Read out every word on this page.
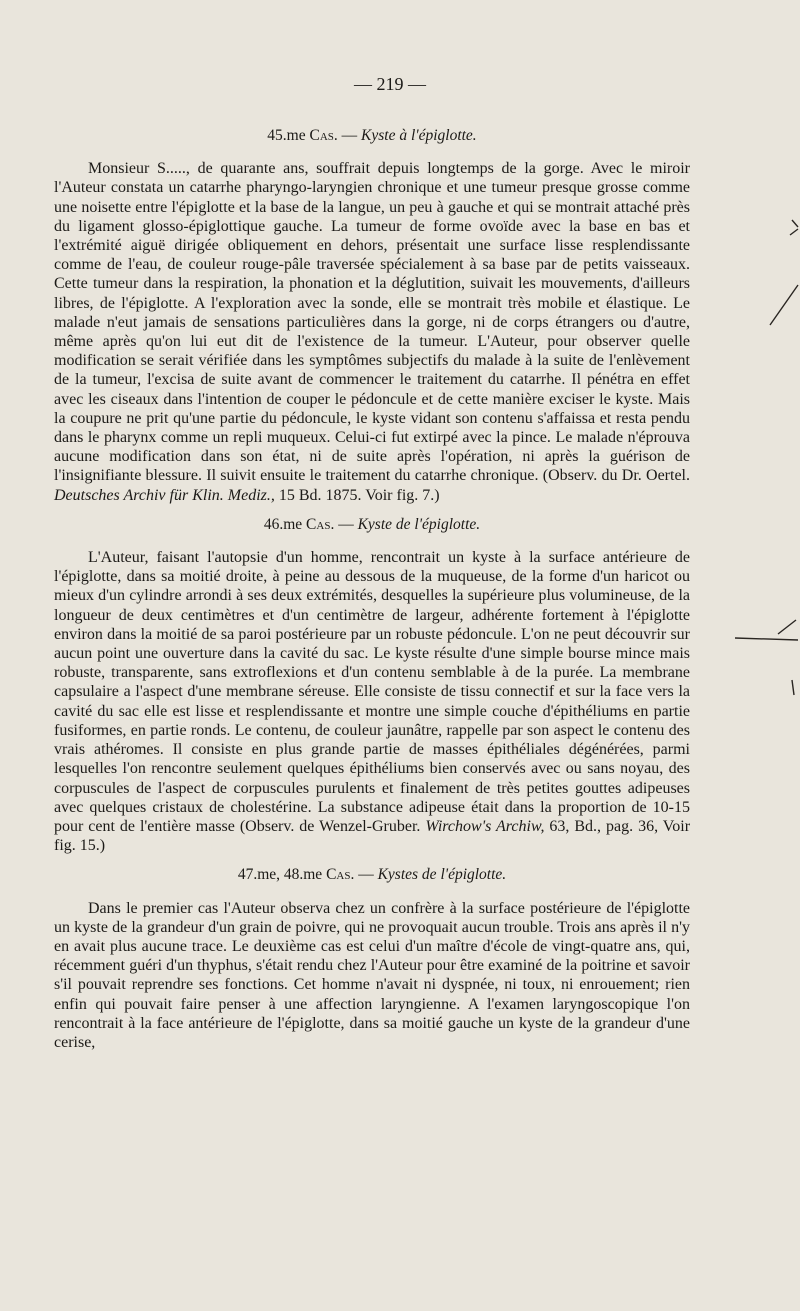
— 219 —
45.me Cas. — Kyste à l'épiglotte.

Monsieur S....., de quarante ans, souffrait depuis longtemps de la gorge. Avec le miroir l'Auteur constata un catarrhe pharyngo-laryngien chronique et une tumeur presque grosse comme une noisette entre l'épiglotte et la base de la langue, un peu à gauche et qui se montrait attaché près du ligament glosso-épiglottique gauche. La tumeur de forme ovoïde avec la base en bas et l'extrémité aiguë dirigée obliquement en dehors, présentait une surface lisse resplendissante comme de l'eau, de couleur rouge-pâle traversée spécialement à sa base par de petits vaisseaux. Cette tumeur dans la respiration, la phonation et la déglutition, suivait les mouvements, d'ailleurs libres, de l'épiglotte. A l'exploration avec la sonde, elle se montrait très mobile et élastique. Le malade n'eut jamais de sensations particulières dans la gorge, ni de corps étrangers ou d'autre, même après qu'on lui eut dit de l'existence de la tumeur. L'Auteur, pour observer quelle modification se serait vérifiée dans les symptômes subjectifs du malade à la suite de l'enlèvement de la tumeur, l'excisa de suite avant de commencer le traitement du catarrhe. Il pénétra en effet avec les ciseaux dans l'intention de couper le pédoncule et de cette manière exciser le kyste. Mais la coupure ne prit qu'une partie du pédoncule, le kyste vidant son contenu s'affaissa et resta pendu dans le pharynx comme un repli muqueux. Celui-ci fut extirpé avec la pince. Le malade n'éprouva aucune modification dans son état, ni de suite après l'opération, ni après la guérison de l'insignifiante blessure. Il suivit ensuite le traitement du catarrhe chronique. (Observ. du Dr. Oertel. Deutsches Archiv für Klin. Mediz., 15 Bd. 1875. Voir fig. 7.)

46.me Cas. — Kyste de l'épiglotte.

L'Auteur, faisant l'autopsie d'un homme, rencontrait un kyste à la surface antérieure de l'épiglotte, dans sa moitié droite, à peine au dessous de la muqueuse, de la forme d'un haricot ou mieux d'un cylindre arrondi à ses deux extrémités, desquelles la supérieure plus volumineuse, de la longueur de deux centimètres et d'un centimètre de largeur, adhérente fortement à l'épiglotte environ dans la moitié de sa paroi postérieure par un robuste pédoncule. L'on ne peut découvrir sur aucun point une ouverture dans la cavité du sac. Le kyste résulte d'une simple bourse mince mais robuste, transparente, sans extroflexions et d'un contenu semblable à de la purée. La membrane capsulaire a l'aspect d'une membrane séreuse. Elle consiste de tissu connectif et sur la face vers la cavité du sac elle est lisse et resplendissante et montre une simple couche d'épithéliums en partie fusiformes, en partie ronds. Le contenu, de couleur jaunâtre, rappelle par son aspect le contenu des vrais athéromes. Il consiste en plus grande partie de masses épithéliales dégénérées, parmi lesquelles l'on rencontre seulement quelques épithéliums bien conservés avec ou sans noyau, des corpuscules de l'aspect de corpuscules purulents et finalement de très petites gouttes adipeuses avec quelques cristaux de cholestérine. La substance adipeuse était dans la proportion de 10-15 pour cent de l'entière masse (Observ. de Wenzel-Gruber. Wirchow's Archiw, 63, Bd., pag. 36, Voir fig. 15.)

47.me, 48.me Cas. — Kystes de l'épiglotte.

Dans le premier cas l'Auteur observa chez un confrère à la surface postérieure de l'épiglotte un kyste de la grandeur d'un grain de poivre, qui ne provoquait aucun trouble. Trois ans après il n'y en avait plus aucune trace. Le deuxième cas est celui d'un maître d'école de vingt-quatre ans, qui, récemment guéri d'un thyphus, s'était rendu chez l'Auteur pour être examiné de la poitrine et savoir s'il pouvait reprendre ses fonctions. Cet homme n'avait ni dyspnée, ni toux, ni enrouement; rien enfin qui pouvait faire penser à une affection laryngienne. A l'examen laryngoscopique l'on rencontrait à la face antérieure de l'épiglotte, dans sa moitié gauche un kyste de la grandeur d'une cerise,
